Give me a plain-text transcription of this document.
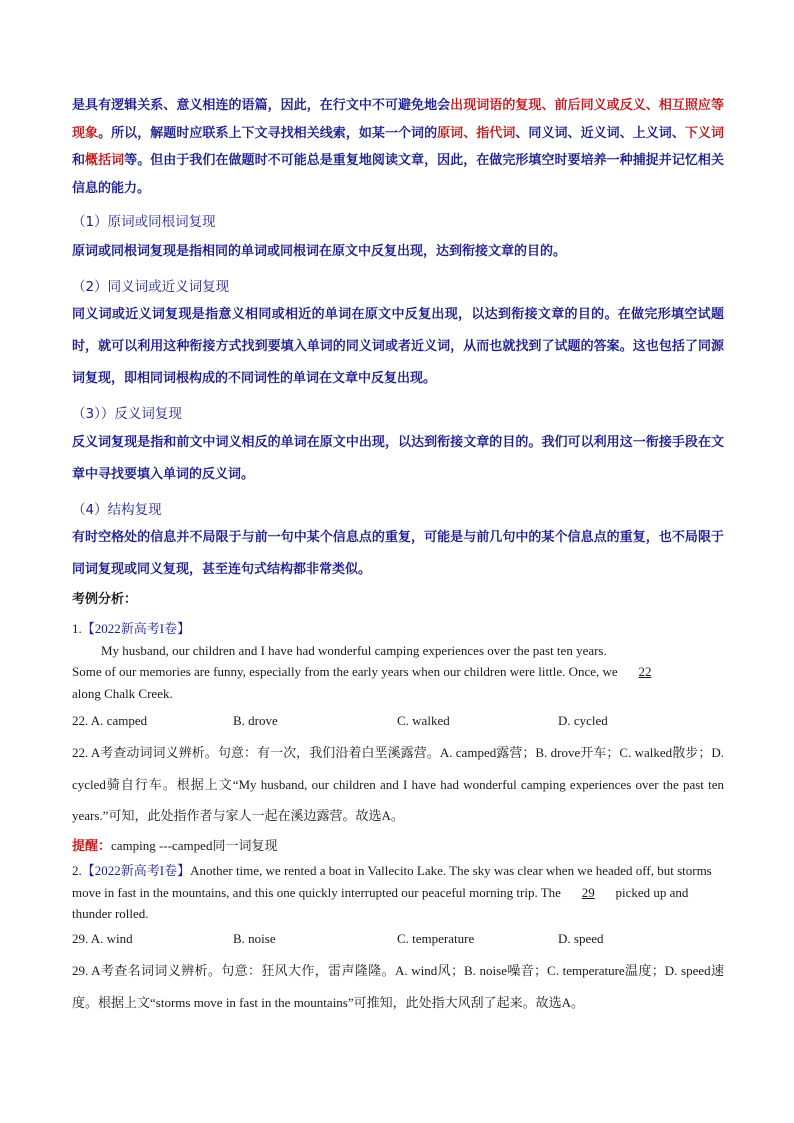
是具有逻辑关系、意义相连的语篇，因此，在行文中不可避免地会出现词语的复现、前后同义或反义、相互照应等现象。所以，解题时应联系上下文寻找相关线索，如某一个词的原词、指代词、同义词、近义词、上义词、下义词和概括词等。但由于我们在做题时不可能总是重复地阅读文章，因此，在做完形填空时要培养一种捕捉并记忆相关信息的能力。
（1）原词或同根词复现
原词或同根词复现是指相同的单词或同根词在原文中反复出现，达到衔接文章的目的。
（2）同义词或近义词复现
同义词或近义词复现是指意义相同或相近的单词在原文中反复出现，以达到衔接文章的目的。在做完形填空试题时，就可以利用这种衔接方式找到要填入单词的同义词或者近义词，从而也就找到了试题的答案。这也包括了同源词复现，即相同词根构成的不同词性的单词在文章中反复出现。
（3））反义词复现
反义词复现是指和前文中词义相反的单词在原文中出现，以达到衔接文章的目的。我们可以利用这一衔接手段在文章中寻找要填入单词的反义词。
（4）结构复现
有时空格处的信息并不局限于与前一句中某个信息点的重复，可能是与前几句中的某个信息点的重复，也不局限于同词复现或同义复现，甚至连句式结构都非常类似。
考例分析：
1.【2022新高考I卷】
My husband, our children and I have had wonderful camping experiences over the past ten years.
Some of our memories are funny, especially from the early years when our children were little. Once, we 22
along Chalk Creek.
22. A. camped	B. drove	C. walked	D. cycled
22. A考查动词词义辨析。句意：有一次，我们沿着白垩溪露营。A. camped露营；B. drove开车；C. walked散步；D. cycled骑自行车。根据上文“My husband, our children and I have had wonderful camping experiences over the past ten years.”可知，此处指作者与家人一起在溪边露营。故选A。
提醒：camping ---camped同一词复现
2.【2022新高考I卷】Another time, we rented a boat in Vallecito Lake. The sky was clear when we headed off, but storms move in fast in the mountains, and this one quickly interrupted our peaceful morning trip. The 29 picked up and thunder rolled.
29. A. wind	B. noise	C. temperature	D. speed
29. A考查名词词义辨析。句意：狂风大作，雷声隆隆。A. wind风；B. noise噪音；C. temperature温度；D. speed速度。根据上文“storms move in fast in the mountains”可推知，此处指大风刮了起来。故选A。
